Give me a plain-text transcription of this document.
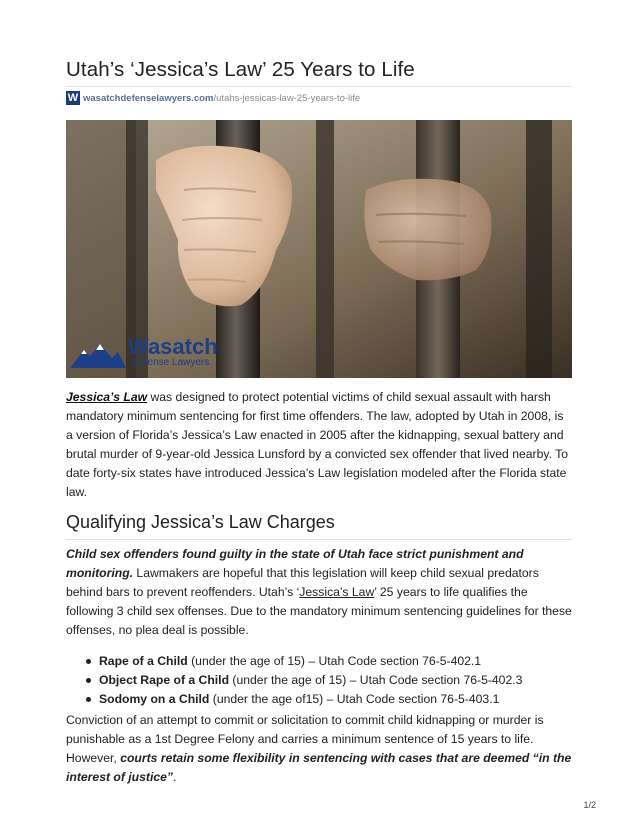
Utah’s ‘Jessica’s Law’ 25 Years to Life
W wasatchdefenselawyers.com/utahs-jessicas-law-25-years-to-life
Wasatch
Defense Lawyers

Jessica’s Law was designed to protect potential victims of child sexual assault with harsh mandatory minimum sentencing for first time offenders. The law, adopted by Utah in 2008, is a version of Florida’s Jessica’s Law enacted in 2005 after the kidnapping, sexual battery and brutal murder of 9-year-old Jessica Lunsford by a convicted sex offender that lived nearby. To date forty-six states have introduced Jessica’s Law legislation modeled after the Florida state law.

Qualifying Jessica’s Law Charges

Child sex offenders found guilty in the state of Utah face strict punishment and monitoring. Lawmakers are hopeful that this legislation will keep child sexual predators behind bars to prevent reoffenders. Utah’s ‘Jessica’s Law’ 25 years to life qualifies the following 3 child sex offenses. Due to the mandatory minimum sentencing guidelines for these offenses, no plea deal is possible.

Rape of a Child (under the age of 15) – Utah Code section 76-5-402.1
Object Rape of a Child (under the age of 15) – Utah Code section 76-5-402.3
Sodomy on a Child (under the age of15) – Utah Code section 76-5-403.1

Conviction of an attempt to commit or solicitation to commit child kidnapping or murder is punishable as a 1st Degree Felony and carries a minimum sentence of 15 years to life. However, courts retain some flexibility in sentencing with cases that are deemed “in the interest of justice”.

1/2
